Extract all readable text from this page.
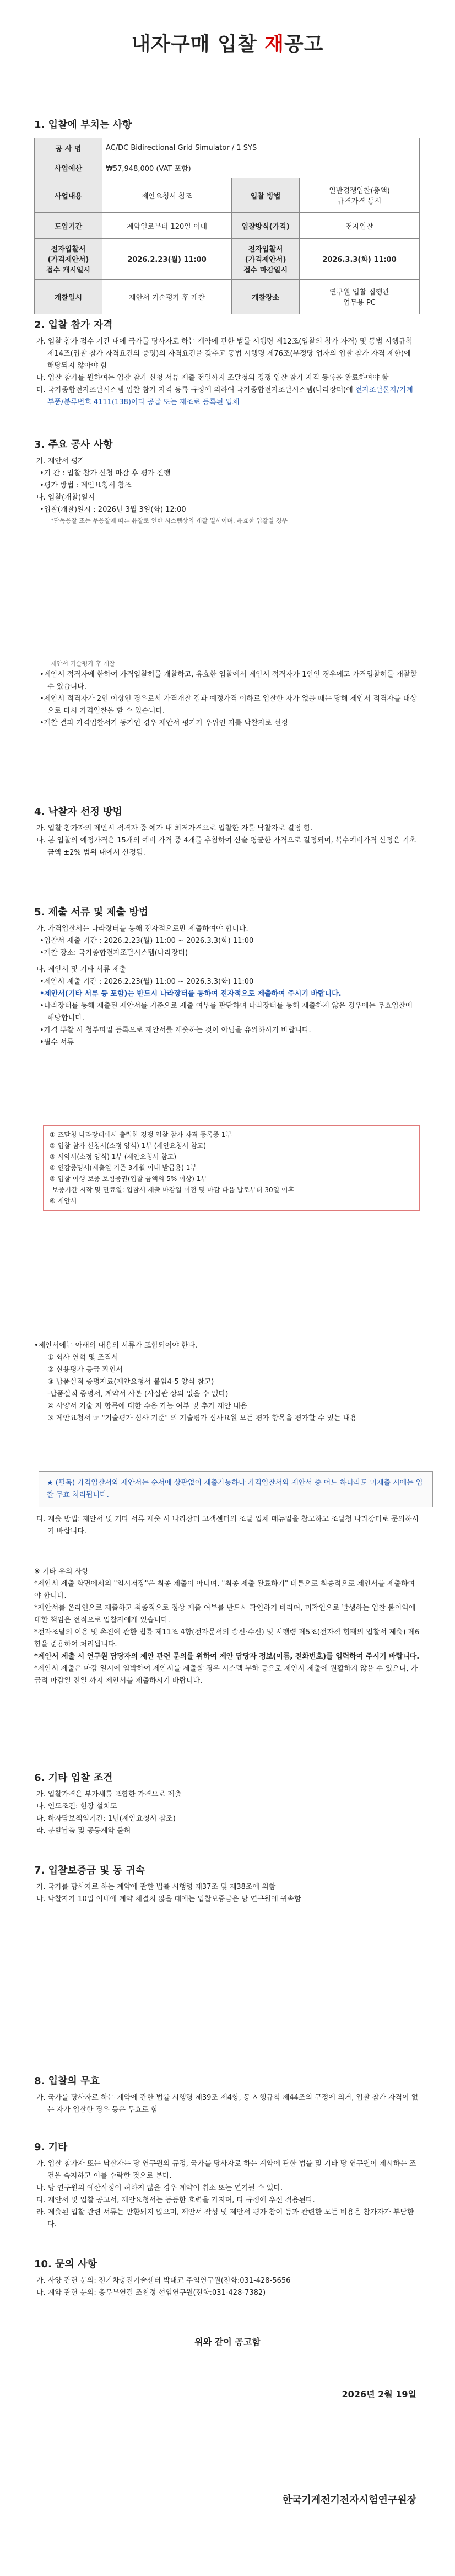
내자구매 입찰 재공고
1. 입찰에 부치는 사항
공 사 명	AC/DC Bidirectional Grid Simulator / 1 SYS		
사업예산	₩57,948,000 (VAT 포함)		
사업내용	제안요청서 참조	입찰 방법	일반경쟁입찰(총액)
규격가격 동시
도입기간	계약일로부터 120일 이내	입찰방식(가격)	전자입찰
전자입찰서
(가격제안서)
접수 개시일시	2026.2.23(월) 11:00	전자입찰서
(가격제안서)
접수 마감일시	2026.3.3(화) 11:00
개찰일시	제안서 기술평가 후 개찰	개찰장소	연구원 입찰 집행관
업무용 PC
2. 입찰 참가 자격

가. 입찰 참가 접수 기간 내에 국가를 당사자로 하는 계약에 관한 법률 시행령 제12조(입찰의 참가 자격) 및 동법 시행규칙 제14조(입찰 참가 자격요건의 증명)의 자격요건을 갖추고 동법 시행령 제76조(부정당 업자의 입찰 참가 자격 제한)에 해당되지 않아야 함

나. 입찰 참가를 원하여는 입찰 참가 신청 서류 제출 전일까지 조달청의 경쟁 입찰 참가 자격 등록을 완료하여야 함

다. 국가종합전자조달시스템 입찰 참가 자격 등록 규정에 의하여 국가종합전자조달시스템(나라장터)에 전자조달물자/기계부품/분류번호 4111(138)이다 공급 또는 제조로 등록된 업체

3. 주요 공사 사항

가. 제안서 평가

•기 간 : 입찰 참가 신청 마감 후 평가 진행

•평가 방법 : 제안요청서 참조

나. 입찰(개찰)일시

•입찰(개찰)일시 : 2026년 3월 3일(화) 12:00

*단독응찰 또는 무응찰에 따른 유찰로 인한 시스템상의 개찰 일시이며, 유효한 입찰일 경우
제안서 기술평가 후 개찰

•제안서 적격자에 한하여 가격입찰허를 개찰하고, 유효한 입찰에서 제안서 적격자가 1인인 경우에도 가격입찰허를 개찰할 수 있습니다.

•제안서 적격자가 2인 이상인 경우로서 가격개찰 결과 예정가격 이하로 입찰한 자가 없을 때는 당해 제안서 적격자를 대상으로 다시 가격입찰을 할 수 있습니다.

•개찰 결과 가격입찰서가 동가인 경우 제안서 평가가 우위인 자를 낙찰자로 선정

4. 낙찰자 선정 방법

가. 입찰 참가자의 제안서 적격자 중 예가 내 최저가격으로 입찰한 자를 낙찰자로 결정 함.

나. 본 입찰의 예정가격은 15개의 예비 가격 중 4개를 추첨하여 산술 평균한 가격으로 결정되며, 복수예비가격 산정은 기초금액 ±2% 범위 내에서 산정됨.

5. 제출 서류 및 제출 방법

가. 가격입찰서는 나라장터를 통해 전자적으로만 제출하여야 합니다.

•입찰서 제출 기간 : 2026.2.23(월) 11:00 ~ 2026.3.3(화) 11:00

•개찰 장소: 국가종합전자조달시스템(나라장터)

나. 제안서 및 기타 서류 제출

•제안서 제출 기간 : 2026.2.23(월) 11:00 ~ 2026.3.3(화) 11:00

•제안서(기타 서류 등 포함)는 반드시 나라장터를 통하여 전자적으로 제출하여 주시기 바랍니다.

•나라장터를 통해 제출된 제안서를 기준으로 제출 여부를 판단하며 나라장터를 통해 제출하지 않은 경우에는 무효입찰에 해당합니다.

•가격 투찰 시 첨부파일 등록으로 제안서를 제출하는 것이 아님을 유의하시기 바랍니다.

•필수 서류

① 조달청 나라장터에서 출력한 경쟁 입찰 참가 자격 등록증 1부

② 입찰 참가 신청서(소정 양식) 1부 (제안요청서 참고)

③ 서약서(소정 양식) 1부 (제안요청서 참고)

④ 인감증명서(제출일 기준 3개월 이내 발급용) 1부

⑤ 입찰 이행 보증 보험증권(입찰 금액의 5% 이상) 1부

-보증기간 시작 및 만료일: 입찰서 제출 마감일 이전 및 마감 다음 날로부터 30일 이후

⑥ 제안서

•제안서에는 아래의 내용의 서류가 포함되어야 한다.

① 회사 연혁 및 조직서

② 신용평가 등급 확인서

③ 납품실적 증명자료(제안요청서 붙임4-5 양식 참고)

-납품실적 증명서, 계약서 사본 (사실관 상의 없을 수 없다)

④ 사양서 기술 자 항목에 대한 수용 가능 여부 및 추가 제안 내용

⑤ 제안요청서 ☞ "기술평가 심사 기준" 의 기술평가 심사요원 모든 평가 항목을 평가할 수 있는 내용

★ (필독) 가격입찰서와 제안서는 순서에 상관없이 제출가능하나 가격입찰서와 제안서 중 어느 하나라도 미제출 시에는 입찰 무효 처리됩니다.

다. 제출 방법: 제안서 및 기타 서류 제출 시 나라장터 고객센터의 조달 업체 매뉴얼을 참고하고 조달청 나라장터로 문의하시기 바랍니다.

※ 기타 유의 사항

*제안서 제출 화면에서의 "임시저장"은 최종 제출이 아니며, "최종 제출 완료하기" 버튼으로 최종적으로 제안서를 제출하여야 합니다.

*제안서를 온라인으로 제출하고 최종적으로 정상 제출 여부를 반드시 확인하기 바라며, 미확인으로 발생하는 입찰 불이익에 대한 책임은 전적으로 입찰자에게 있습니다.

*전자조달의 이용 및 촉진에 관한 법률 제11조 4항(전자문서의 송신·수신) 및 시행령 제5조(전자적 형태의 입찰서 제출) 제6항을 준용하여 처리됩니다.

*제안서 제출 시 연구원 담당자의 제안 관련 문의를 위하여 제안 담당자 정보(이름, 전화번호)를 입력하여 주시기 바랍니다.

*제안서 제출은 마감 일시에 임박하여 제안서를 제출할 경우 시스템 부하 등으로 제안서 제출에 원활하지 않을 수 있으니, 가급적 마감일 전일 까지 제안서를 제출하시기 바랍니다.

6. 기타 입찰 조건

가. 입찰가격은 부가세를 포함한 가격으로 제출

나. 인도조건: 현장 설치도

다. 하자담보책임기간: 1년(제안요청서 참조)

라. 분할납품 및 공동계약 불허

7. 입찰보증금 및 동 귀속

가. 국가를 당사자로 하는 계약에 관한 법률 시행령 제37조 및 제38조에 의함

나. 낙찰자가 10일 이내에 계약 체결치 않을 때에는 입찰보증금은 당 연구원에 귀속함

8. 입찰의 무효

가. 국가를 당사자로 하는 계약에 관한 법률 시행령 제39조 제4항, 동 시행규칙 제44조의 규정에 의거, 입찰 참가 자격이 없는 자가 입찰한 경우 등은 무효로 함

9. 기타

가. 입찰 참가자 또는 낙찰자는 당 연구원의 규정, 국가를 당사자로 하는 계약에 관한 법률 및 기타 당 연구원이 제시하는 조건을 숙지하고 이를 수락한 것으로 본다.

나. 당 연구원의 예산사정이 허하지 않을 경우 계약이 취소 또는 연기될 수 있다.

다. 제안서 및 입찰 공고서, 제안요청서는 동등한 효력을 가지며, 타 규정에 우선 적용된다.

라. 제출된 입찰 관련 서류는 반환되지 않으며, 제안서 작성 및 제안서 평가 참여 등과 관련한 모든 비용은 참가자가 부담한다.

10. 문의 사항

가. 사양 관련 문의: 전기차충전기술센터 박대교 주임연구원(전화:031-428-5656

나. 계약 관련 문의: 총무부연결 조천정 선임연구원(전화:031-428-7382)

위와 같이 공고함
2026년 2월 19일
한국기계전기전자시험연구원장
